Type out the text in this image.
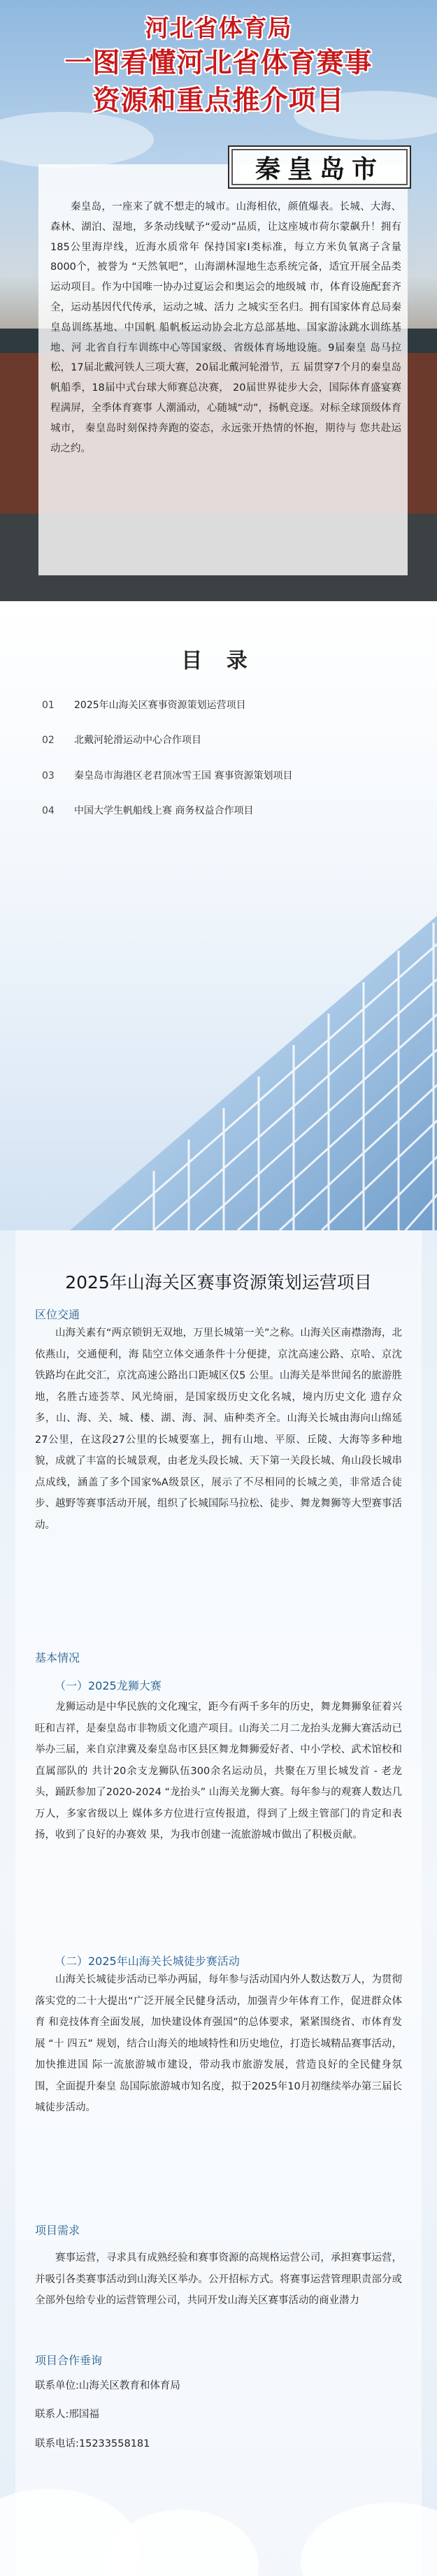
河北省体育局
一图看懂河北省体育赛事
资源和重点推介项目
秦皇岛市

秦皇岛，一座来了就不想走的城市。山海相依，颜值爆表。长城、大海、森林、湖泊、湿地，多条动线赋予“爱动”品质，让这座城市荷尔蒙飙升！拥有185公里海岸线，近海水质常年 保持国家I类标准，每立方米负氧离子含量8000个，被誉为 “天然氧吧”，山海湖林湿地生态系统完备，适宜开展全品类 运动项目。作为中国唯一协办过夏运会和奥运会的地级城 市，体育设施配套齐全，运动基因代代传承，运动之城、活力 之城实至名归。拥有国家体育总局秦皇岛训练基地、中国帆 船帆板运动协会北方总部基地、国家游泳跳水训练基地、河 北省自行车训练中心等国家级、省级体育场地设施。9届秦皇 岛马拉松，17届北戴河铁人三项大赛，20届北戴河轮滑节，五 届贯穿7个月的秦皇岛帆船季，18届中式台球大师赛总决赛， 20届世界徒步大会，国际体育盛宴赛程满屏，全季体育赛事 人潮涌动，心随城“动”，扬帆竞逐。对标全球顶级体育城市， 秦皇岛时刻保持奔跑的姿态，永远张开热情的怀抱，期待与 您共赴运动之约。

目 录
01 2025年山海关区赛事资源策划运营项目
02 北戴河轮滑运动中心合作项目
03 秦皇岛市海港区老君顶冰雪王国 赛事资源策划项目
04 中国大学生帆船线上赛 商务权益合作项目
2025年山海关区赛事资源策划运营项目
区位交通

山海关素有“两京锁钥无双地，万里长城第一关”之称。山海关区南襟渤海，北依燕山，交通便利，海 陆空立体交通条件十分便捷，京沈高速公路、京哈、京沈铁路均在此交汇，京沈高速公路出口距城区仅5 公里。山海关是举世闻名的旅游胜地，名胜古迹荟萃、风光绮丽，是国家级历史文化名城，境内历史文化 遗存众多，山、海、关、城、楼、湖、海、洞、庙种类齐全。山海关长城由海向山绵延27公里，在这段27公里的长城要塞上，拥有山地、平原、丘陵、大海等多种地貌，成就了丰富的长城景观，由老龙头段长城、天下第一关段长城、角山段长城串点成线，涵盖了多个国家%A级景区，展示了不尽相同的长城之美，非常适合徒步、越野等赛事活动开展，组织了长城国际马拉松、徒步、舞龙舞狮等大型赛事活动。

基本情况
（一）2025龙狮大赛

龙狮运动是中华民族的文化瑰宝，距今有两千多年的历史，舞龙舞狮象征着兴 旺和吉祥，是秦皇岛市非物质文化遗产项目。山海关二月二龙抬头龙狮大赛活动已举办三届，来自京津冀及秦皇岛市区县区舞龙舞狮爱好者、中小学校、武术馆校和直属部队的 共计20余支龙狮队伍300余名运动员，共聚在万里长城发首 - 老龙头，踊跃参加了2020-2024 “龙抬头” 山海关龙狮大赛。每年参与的观赛人数达几万人，多家省级以上 媒体多方位进行宣传报道，得到了上级主管部门的肯定和表扬，收到了良好的办赛效 果，为我市创建一流旅游城市做出了积极贡献。

（二）2025年山海关长城徒步赛活动

山海关长城徒步活动已举办两届，每年参与活动国内外人数达数万人，为贯彻 落实党的二十大提出“广泛开展全民健身活动，加强青少年体育工作，促进群众体育 和竞技体育全面发展，加快建设体育强国”的总体要求，紧紧围绕省、市体育发展 “十 四五” 规划，结合山海关的地域特性和历史地位，打造长城精品赛事活动，加快推进国 际一流旅游城市建设，带动我市旅游发展，营造良好的全民健身氛围，全面提升秦皇 岛国际旅游城市知名度，拟于2025年10月初继续举办第三届长城徒步活动。

项目需求

赛事运营，寻求具有成熟经验和赛事资源的高规格运营公司，承担赛事运营，并吸引各类赛事活动到山海关区举办。公开招标方式。将赛事运营管理职责部分或全部外包给专业的运营管理公司，共同开发山海关区赛事活动的商业潜力

项目合作垂询
联系单位:山海关区教育和体育局
联系人:邢国福
联系电话:15233558181
